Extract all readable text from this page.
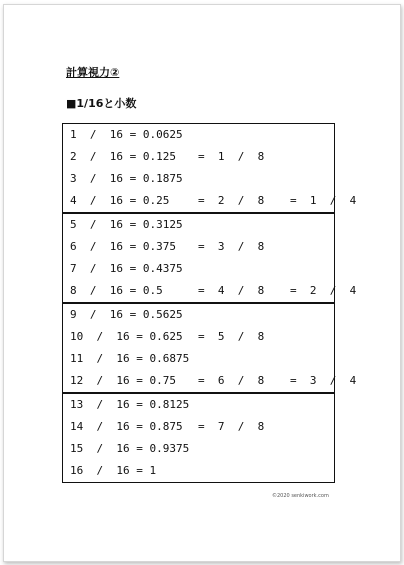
計算視力②
■1/16と小数
1  /  16 = 0.0625
2  /  16 = 0.125 =  1  /  8
3  /  16 = 0.1875
4  /  16 = 0.25	=  2  /  8 =  1  /  4
5  /  16 = 0.3125
6  /  16 = 0.375 =  3  /  8
7  /  16 = 0.4375
8  /  16 = 0.5	=  4  /  8 =  2  /  4
9  /  16 = 0.5625
10  /  16 = 0.625 =  5  /  8
11  /  16 = 0.6875
12  /  16 = 0.75 =  6  /  8 =  3  /  4
13  /  16 = 0.8125
14  /  16 = 0.875 =  7  /  8
15  /  16 = 0.9375
16  /  16 = 1
©2020 senkiwork.com
